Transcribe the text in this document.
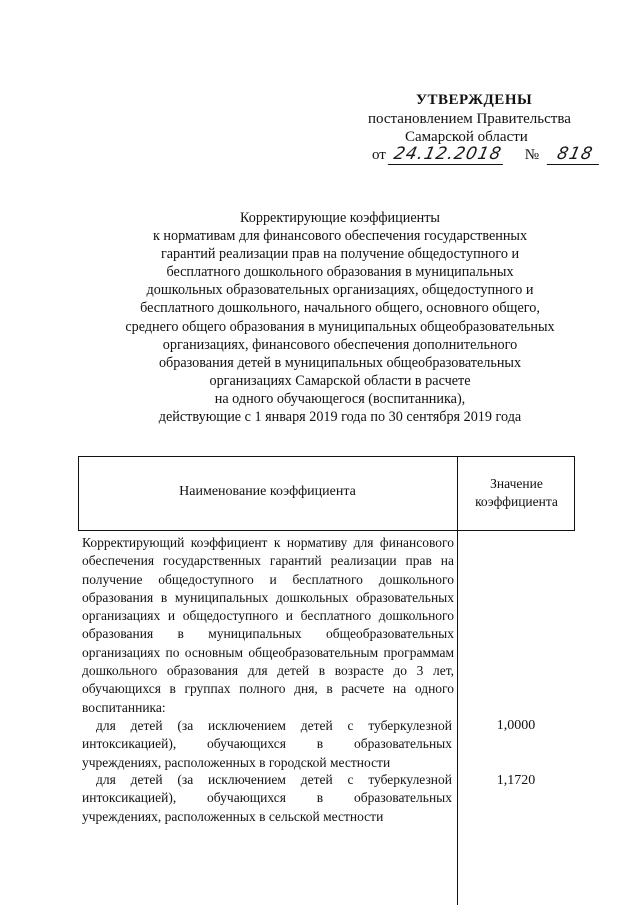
УТВЕРЖДЕНЫ
постановлением Правительства
Самарской области
от 24.12.2018 № 818
Корректирующие коэффициенты
к нормативам для финансового обеспечения государственных
гарантий реализации прав на получение общедоступного и
бесплатного дошкольного образования в муниципальных
дошкольных образовательных организациях, общедоступного и
бесплатного дошкольного, начального общего, основного общего,
среднего общего образования в муниципальных общеобразовательных
организациях, финансового обеспечения дополнительного
образования детей в муниципальных общеобразовательных
организациях Самарской области в расчете
на одного обучающегося (воспитанника),
действующие с 1 января 2019 года по 30 сентября 2019 года
Наименование коэффициента
Значение
коэффициента
Корректирующий коэффициент к нормативу для финансового обеспечения государственных гарантий реализации прав на получение общедоступного и бесплатного дошкольного образования в муниципальных дошкольных образовательных организациях и общедоступного и бесплатного дошкольного образования в муниципальных общеобразовательных организациях по основным общеобразовательным программам дошкольного образования для детей в возрасте до 3 лет, обучающихся в группах полного дня, в расчете на одного воспитанника:
для детей (за исключением детей с туберкулезной интоксикацией), обучающихся в образовательных учреждениях, расположенных в городской местности
1,0000
для детей (за исключением детей с туберкулезной интоксикацией), обучающихся в образовательных учреждениях, расположенных в сельской местности
1,1720
